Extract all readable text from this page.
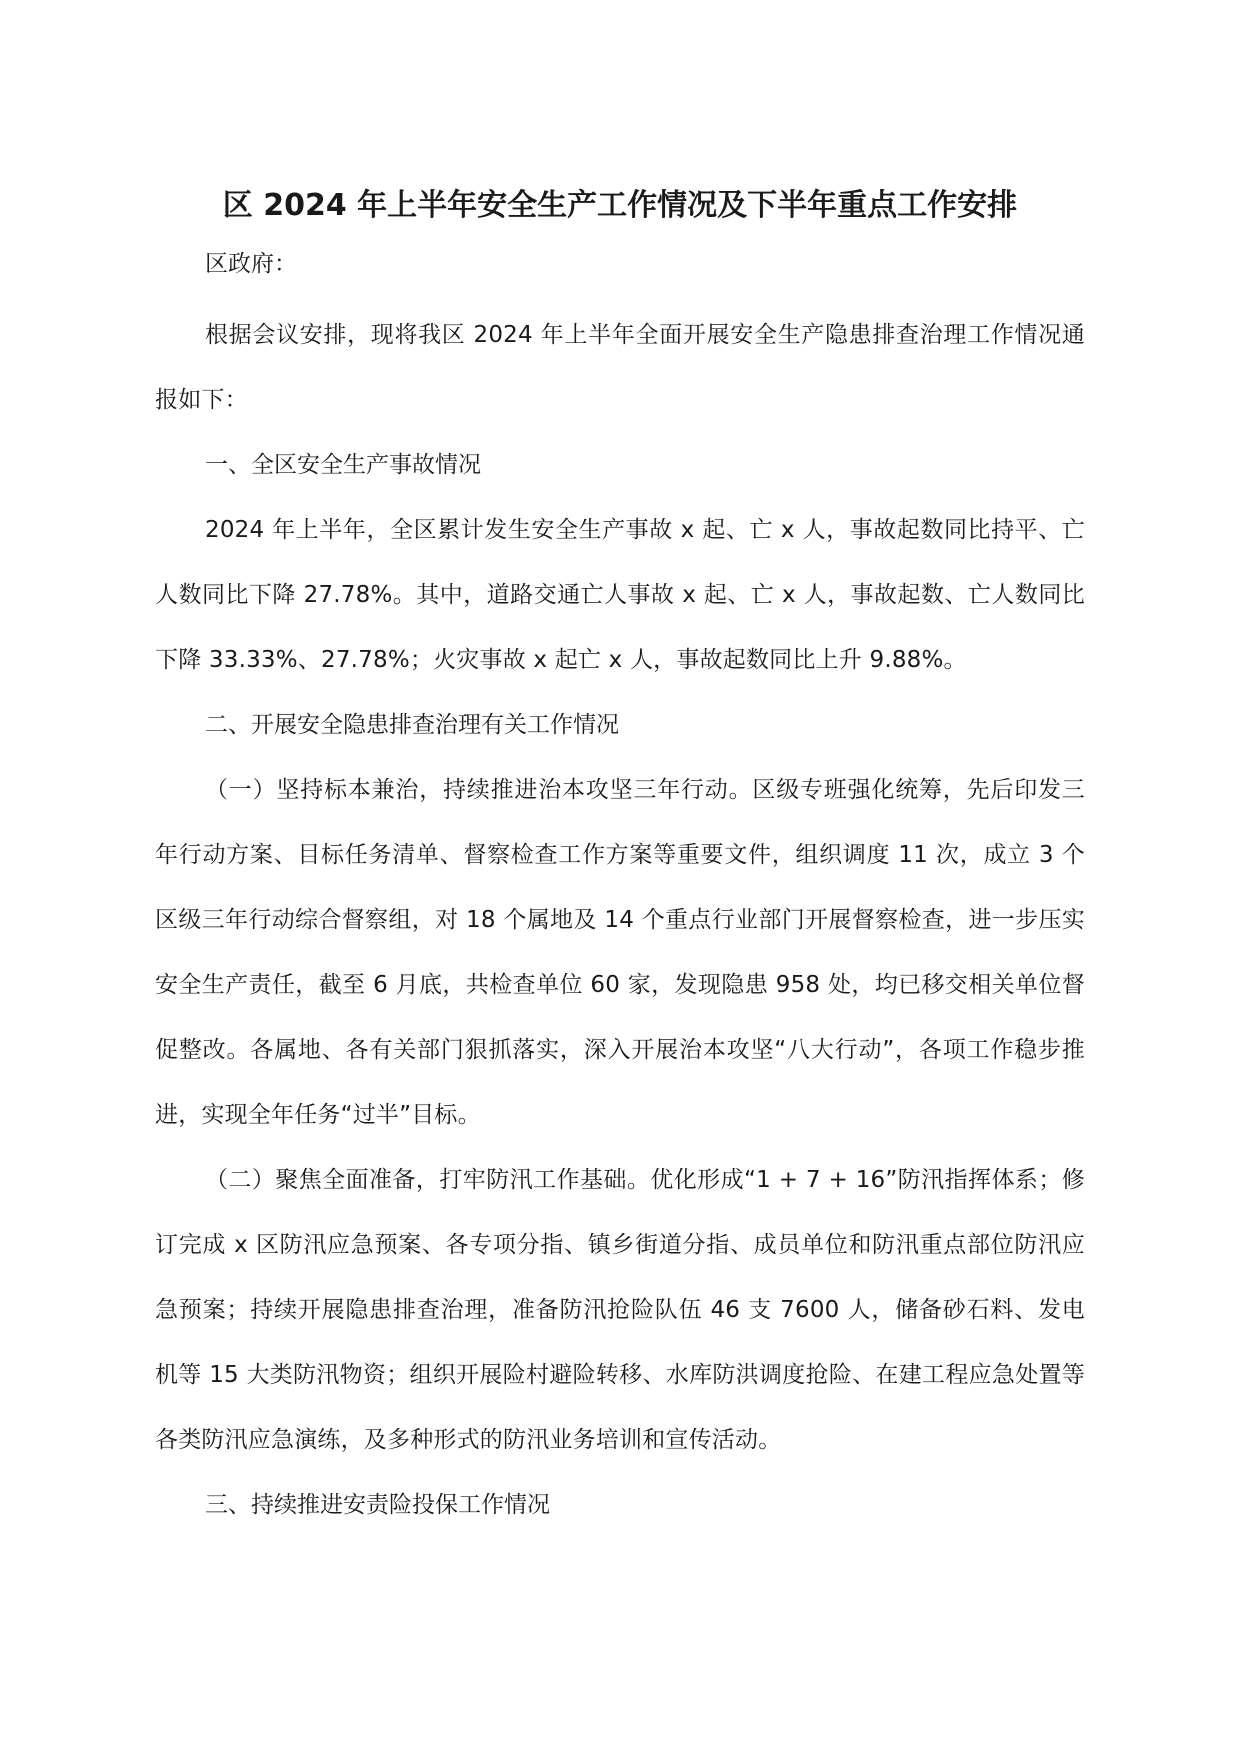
区 2024 年上半年安全生产工作情况及下半年重点工作安排

区政府：

根据会议安排，现将我区 2024 年上半年全面开展安全生产隐患排查治理工作情况通报如下：

一、全区安全生产事故情况

2024 年上半年，全区累计发生安全生产事故 x 起、亡 x 人，事故起数同比持平、亡人数同比下降 27.78%。其中，道路交通亡人事故 x 起、亡 x 人，事故起数、亡人数同比下降 33.33%、27.78%；火灾事故 x 起亡 x 人，事故起数同比上升 9.88%。

二、开展安全隐患排查治理有关工作情况

（一）坚持标本兼治，持续推进治本攻坚三年行动。区级专班强化统筹，先后印发三年行动方案、目标任务清单、督察检查工作方案等重要文件，组织调度 11 次，成立 3 个区级三年行动综合督察组，对 18 个属地及 14 个重点行业部门开展督察检查，进一步压实安全生产责任，截至 6 月底，共检查单位 60 家，发现隐患 958 处，均已移交相关单位督促整改。各属地、各有关部门狠抓落实，深入开展治本攻坚“八大行动”，各项工作稳步推进，实现全年任务“过半”目标。

（二）聚焦全面准备，打牢防汛工作基础。优化形成“1 + 7 + 16”防汛指挥体系；修订完成 x 区防汛应急预案、各专项分指、镇乡街道分指、成员单位和防汛重点部位防汛应急预案；持续开展隐患排查治理，准备防汛抢险队伍 46 支 7600 人，储备砂石料、发电机等 15 大类防汛物资；组织开展险村避险转移、水库防洪调度抢险、在建工程应急处置等各类防汛应急演练，及多种形式的防汛业务培训和宣传活动。

三、持续推进安责险投保工作情况
